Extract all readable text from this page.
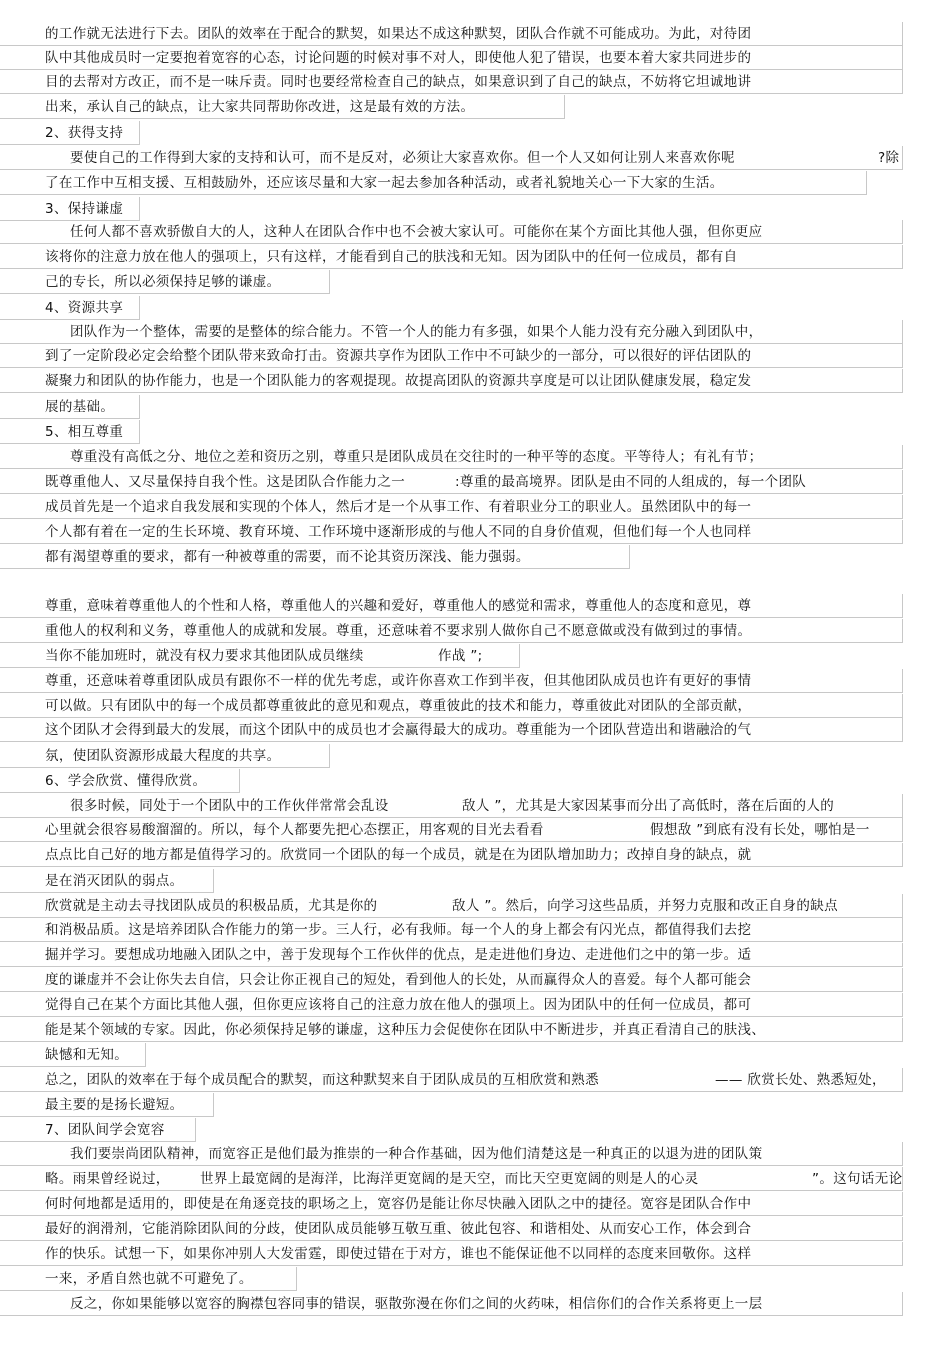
的工作就无法进行下去。团队的效率在于配合的默契，如果达不成这种默契，团队合作就不可能成功。为此，对待团
队中其他成员时一定要抱着宽容的心态，讨论问题的时候对事不对人，即使他人犯了错误，也要本着大家共同进步的
目的去帮对方改正，而不是一味斥责。同时也要经常检查自己的缺点，如果意识到了自己的缺点，不妨将它坦诚地讲
出来，承认自己的缺点，让大家共同帮助你改进，这是最有效的方法。
2、获得支持
要使自己的工作得到大家的支持和认可，而不是反对，必须让大家喜欢你。但一个人又如何让别人来喜欢你呢	?除
了在工作中互相支援、互相鼓励外，还应该尽量和大家一起去参加各种活动，或者礼貌地关心一下大家的生活。
3、保持谦虚
任何人都不喜欢骄傲自大的人，这种人在团队合作中也不会被大家认可。可能你在某个方面比其他人强，但你更应
该将你的注意力放在他人的强项上，只有这样，才能看到自己的肤浅和无知。因为团队中的任何一位成员，都有自
己的专长，所以必须保持足够的谦虚。
4、资源共享
团队作为一个整体，需要的是整体的综合能力。不管一个人的能力有多强，如果个人能力没有充分融入到团队中，
到了一定阶段必定会给整个团队带来致命打击。资源共享作为团队工作中不可缺少的一部分，可以很好的评估团队的
凝聚力和团队的协作能力，也是一个团队能力的客观提现。故提高团队的资源共享度是可以让团队健康发展，稳定发
展的基础。
5、相互尊重
尊重没有高低之分、地位之差和资历之别，尊重只是团队成员在交往时的一种平等的态度。平等待人；有礼有节；
既尊重他人、又尽量保持自我个性。这是团队合作能力之一	:尊重的最高境界。团队是由不同的人组成的，每一个团队
成员首先是一个追求自我发展和实现的个体人，然后才是一个从事工作、有着职业分工的职业人。虽然团队中的每一
个人都有着在一定的生长环境、教育环境、工作环境中逐渐形成的与他人不同的自身价值观，但他们每一个人也同样
都有渴望尊重的要求，都有一种被尊重的需要，而不论其资历深浅、能力强弱。
尊重，意味着尊重他人的个性和人格，尊重他人的兴趣和爱好，尊重他人的感觉和需求，尊重他人的态度和意见，尊
重他人的权利和义务，尊重他人的成就和发展。尊重，还意味着不要求别人做你自己不愿意做或没有做到过的事情。
当你不能加班时，就没有权力要求其他团队成员继续	作战 ”;
尊重，还意味着尊重团队成员有跟你不一样的优先考虑，或许你喜欢工作到半夜，但其他团队成员也许有更好的事情
可以做。只有团队中的每一个成员都尊重彼此的意见和观点，尊重彼此的技术和能力，尊重彼此对团队的全部贡献，
这个团队才会得到最大的发展，而这个团队中的成员也才会赢得最大的成功。尊重能为一个团队营造出和谐融洽的气
氛，使团队资源形成最大程度的共享。
6、学会欣赏、懂得欣赏。
很多时候，同处于一个团队中的工作伙伴常常会乱设	敌人 ”，尤其是大家因某事而分出了高低时，落在后面的人的
心里就会很容易酸溜溜的。所以，每个人都要先把心态摆正，用客观的目光去看看	假想敌 ”到底有没有长处，哪怕是一
点点比自己好的地方都是值得学习的。欣赏同一个团队的每一个成员，就是在为团队增加助力；改掉自身的缺点，就
是在消灭团队的弱点。
欣赏就是主动去寻找团队成员的积极品质，尤其是你的	敌人 ”。然后，向学习这些品质，并努力克服和改正自身的缺点
和消极品质。这是培养团队合作能力的第一步。三人行，必有我师。每一个人的身上都会有闪光点，都值得我们去挖
掘并学习。要想成功地融入团队之中，善于发现每个工作伙伴的优点，是走进他们身边、走进他们之中的第一步。适
度的谦虚并不会让你失去自信，只会让你正视自己的短处，看到他人的长处，从而赢得众人的喜爱。每个人都可能会
觉得自己在某个方面比其他人强，但你更应该将自己的注意力放在他人的强项上。因为团队中的任何一位成员，都可
能是某个领域的专家。因此，你必须保持足够的谦虚，这种压力会促使你在团队中不断进步，并真正看清自己的肤浅、
缺憾和无知。
总之，团队的效率在于每个成员配合的默契，而这种默契来自于团队成员的互相欣赏和熟悉	—— 欣赏长处、熟悉短处，
最主要的是扬长避短。
7、团队间学会宽容
我们要崇尚团队精神，而宽容正是他们最为推崇的一种合作基础，因为他们清楚这是一种真正的以退为进的团队策
略。雨果曾经说过， 世界上最宽阔的是海洋，比海洋更宽阔的是天空，而比天空更宽阔的则是人的心灵	”。这句话无论
何时何地都是适用的，即使是在角逐竞技的职场之上，宽容仍是能让你尽快融入团队之中的捷径。宽容是团队合作中
最好的润滑剂，它能消除团队间的分歧，使团队成员能够互敬互重、彼此包容、和谐相处、从而安心工作，体会到合
作的快乐。试想一下，如果你冲别人大发雷霆，即使过错在于对方，谁也不能保证他不以同样的态度来回敬你。这样
一来，矛盾自然也就不可避免了。
反之，你如果能够以宽容的胸襟包容同事的错误，驱散弥漫在你们之间的火药味，相信你们的合作关系将更上一层
